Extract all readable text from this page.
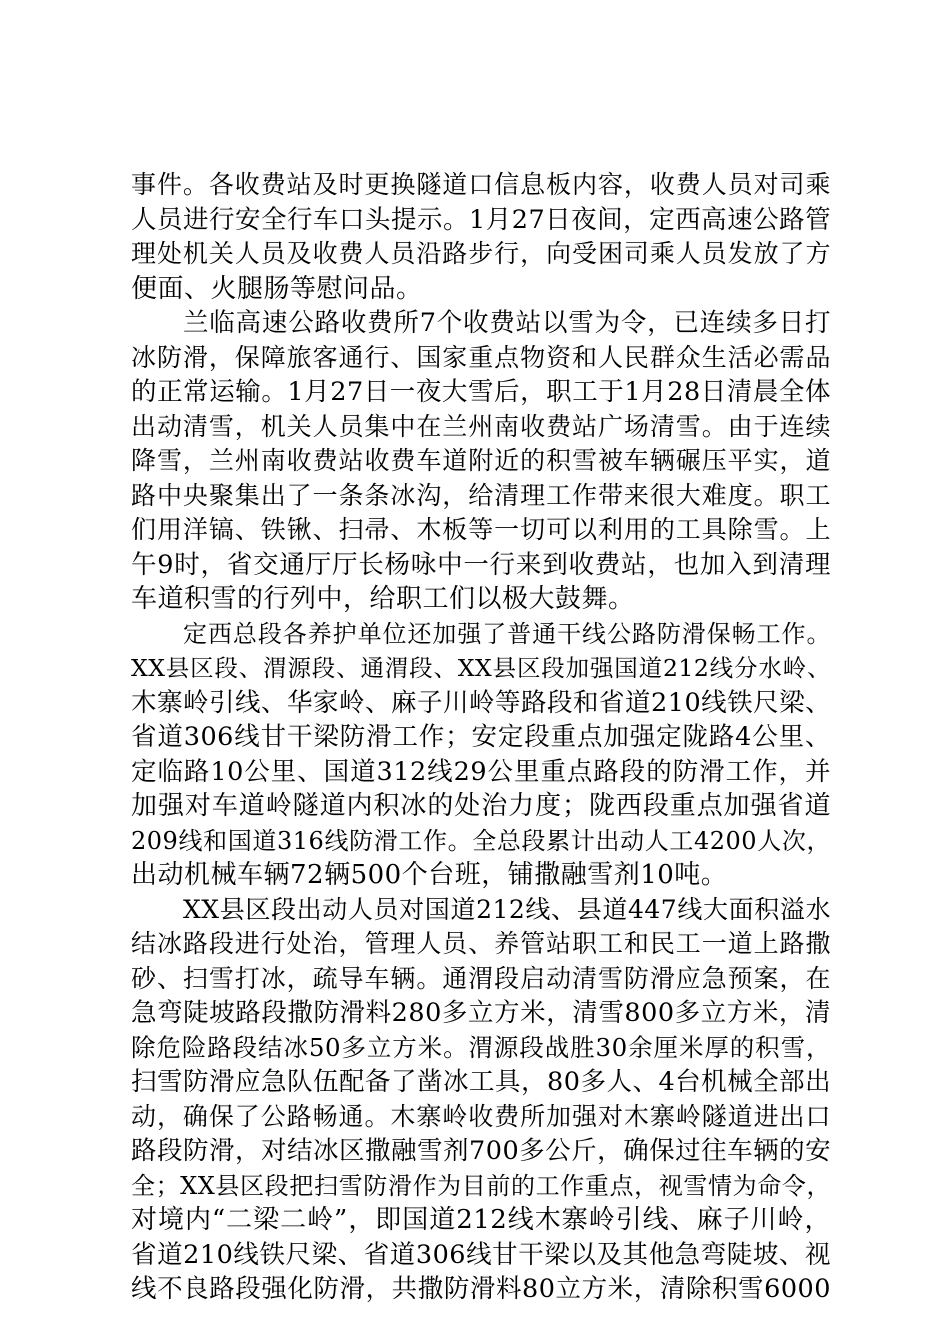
事件。各收费站及时更换隧道口信息板内容，收费人员对司乘
人员进行安全行车口头提示。1月27日夜间，定西高速公路管
理处机关人员及收费人员沿路步行，向受困司乘人员发放了方
便面、火腿肠等慰问品。
兰临高速公路收费所7个收费站以雪为令，已连续多日打
冰防滑，保障旅客通行、国家重点物资和人民群众生活必需品
的正常运输。1月27日一夜大雪后，职工于1月28日清晨全体
出动清雪，机关人员集中在兰州南收费站广场清雪。由于连续
降雪，兰州南收费站收费车道附近的积雪被车辆碾压平实，道
路中央聚集出了一条条冰沟，给清理工作带来很大难度。职工
们用洋镐、铁锹、扫帚、木板等一切可以利用的工具除雪。上
午9时，省交通厅厅长杨咏中一行来到收费站，也加入到清理
车道积雪的行列中，给职工们以极大鼓舞。
定西总段各养护单位还加强了普通干线公路防滑保畅工作。
XX县区段、渭源段、通渭段、XX县区段加强国道212线分水岭、
木寨岭引线、华家岭、麻子川岭等路段和省道210线铁尺梁、
省道306线甘干梁防滑工作；安定段重点加强定陇路4公里、
定临路10公里、国道312线29公里重点路段的防滑工作，并
加强对车道岭隧道内积冰的处治力度；陇西段重点加强省道
209线和国道316线防滑工作。全总段累计出动人工4200人次，
出动机械车辆72辆500个台班，铺撒融雪剂10吨。
XX县区段出动人员对国道212线、县道447线大面积溢水
结冰路段进行处治，管理人员、养管站职工和民工一道上路撒
砂、扫雪打冰，疏导车辆。通渭段启动清雪防滑应急预案，在
急弯陡坡路段撒防滑料280多立方米，清雪800多立方米，清
除危险路段结冰50多立方米。渭源段战胜30余厘米厚的积雪，
扫雪防滑应急队伍配备了凿冰工具，80多人、4台机械全部出
动，确保了公路畅通。木寨岭收费所加强对木寨岭隧道进出口
路段防滑，对结冰区撒融雪剂700多公斤，确保过往车辆的安
全；XX县区段把扫雪防滑作为目前的工作重点，视雪情为命令，
对境内“二梁二岭”，即国道212线木寨岭引线、麻子川岭，
省道210线铁尺梁、省道306线甘干梁以及其他急弯陡坡、视
线不良路段强化防滑，共撒防滑料80立方米，清除积雪6000
